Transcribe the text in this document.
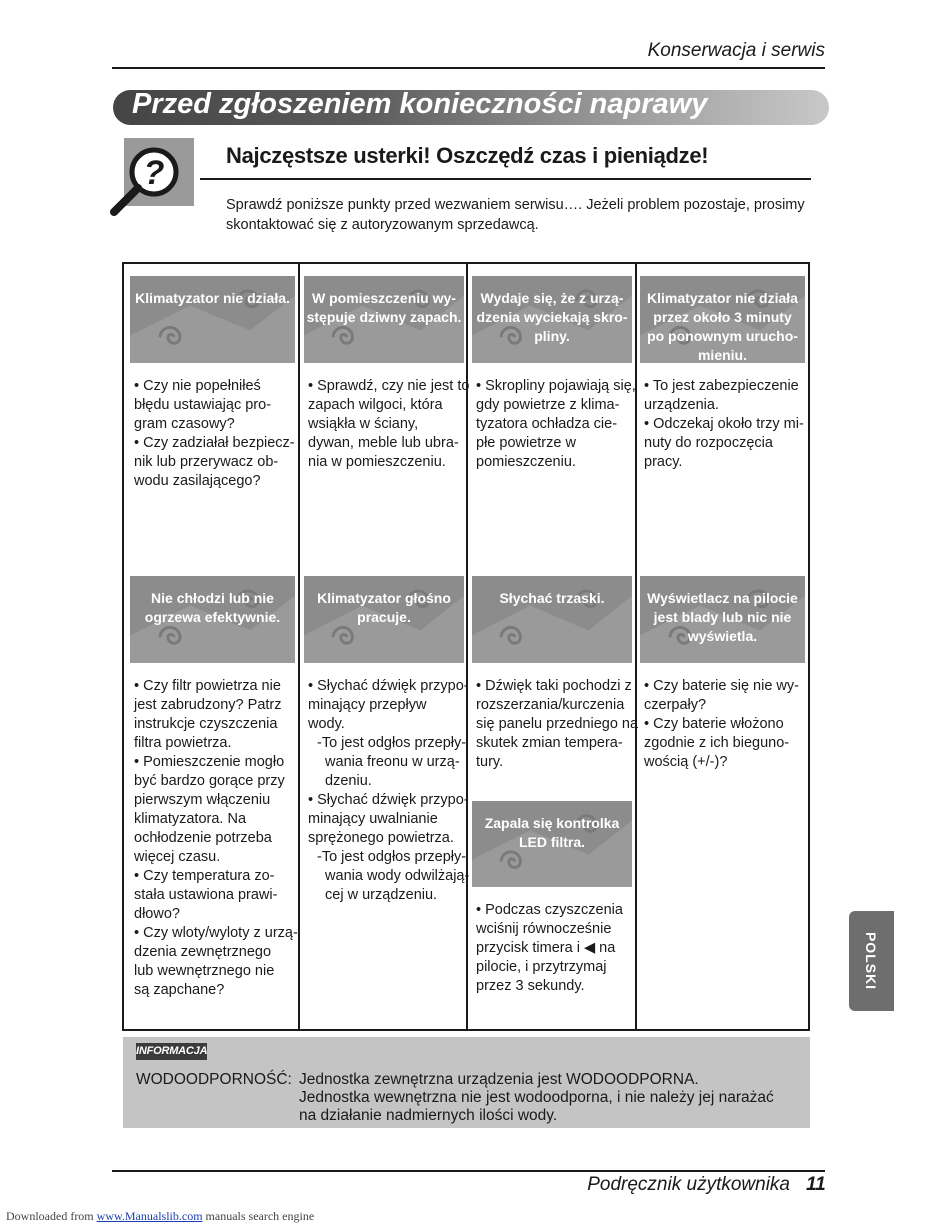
Konserwacja i serwis
Przed zgłoszeniem konieczności naprawy
?	Najczęstsze usterki! Oszczędź czas i pieniądze!
Sprawdź poniższe punkty przed wezwaniem serwisu…. Jeżeli problem pozostaje, prosimy skontaktować się z autoryzowanym sprzedawcą.
Klimatyzator nie działa.
• Czy nie popełniłeś
błędu ustawiając pro-
gram czasowy?
• Czy zadziałał bezpiecz-
nik lub przerywacz ob-
wodu zasilającego?
W pomieszczeniu wy-
stępuje dziwny zapach.
• Sprawdź, czy nie jest to
zapach wilgoci, która
wsiąkła w ściany,
dywan, meble lub ubra-
nia w pomieszczeniu.
Wydaje się, że z urzą-
dzenia wyciekają skro-
pliny.
• Skropliny pojawiają się,
gdy powietrze z klima-
tyzatora ochładza cie-
płe powietrze w
pomieszczeniu.
Klimatyzator nie działa
przez około 3 minuty
po ponownym urucho-
mieniu.
• To jest zabezpieczenie
urządzenia.
• Odczekaj około trzy mi-
nuty do rozpoczęcia
pracy.
Nie chłodzi lub nie
ogrzewa efektywnie.
• Czy filtr powietrza nie
jest zabrudzony? Patrz
instrukcje czyszczenia
filtra powietrza.
• Pomieszczenie mogło
być bardzo gorące przy
pierwszym włączeniu
klimatyzatora. Na
ochłodzenie potrzeba
więcej czasu.
• Czy temperatura zo-
stała ustawiona prawi-
dłowo?
• Czy wloty/wyloty z urzą-
dzenia zewnętrznego
lub wewnętrznego nie
są zapchane?
Klimatyzator głośno
pracuje.
• Słychać dźwięk przypo-
minający przepływ
wody.
-To jest odgłos przepły-
wania freonu w urzą-
dzeniu.
• Słychać dźwięk przypo-
minający uwalnianie
sprężonego powietrza.
-To jest odgłos przepły-
wania wody odwilżają-
cej w urządzeniu.
Słychać trzaski.
• Dźwięk taki pochodzi z
rozszerzania/kurczenia
się panelu przedniego na
skutek zmian tempera-
tury.
Zapala się kontrolka
LED filtra.
• Podczas czyszczenia
wciśnij równocześnie
przycisk timera i ◀ na
pilocie, i przytrzymaj
przez 3 sekundy.
Wyświetlacz na pilocie
jest blady lub nic nie
wyświetla.
• Czy baterie się nie wy-
czerpały?
• Czy baterie włożono
zgodnie z ich bieguno-
wością (+/-)?
INFORMACJA
WODOODPORNOŚĆ: Jednostka zewnętrzna urządzenia jest WODOODPORNA.
Jednostka wewnętrzna nie jest wodoodporna, i nie należy jej narażać
na działanie nadmiernych ilości wody.
Podręcznik użytkownika 11
POLSKI
Downloaded from www.Manualslib.com manuals search engine
